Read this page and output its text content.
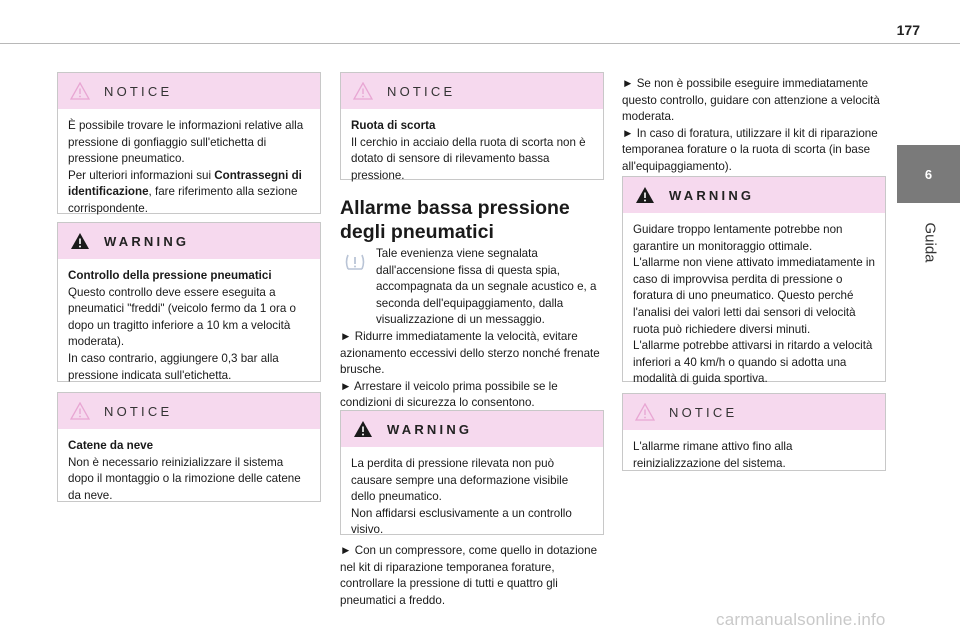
177
6
Guida
NOTICE

È possibile trovare le informazioni relative alla pressione di gonfiaggio sull'etichetta di pressione pneumatico.

Per ulteriori informazioni sui Contrassegni di identificazione, fare riferimento alla sezione corrispondente.

WARNING

Controllo della pressione pneumatici

Questo controllo deve essere eseguita a pneumatici "freddi" (veicolo fermo da 1 ora o dopo un tragitto inferiore a 10 km a velocità moderata).

In caso contrario, aggiungere 0,3 bar alla pressione indicata sull'etichetta.

NOTICE

Catene da neve

Non è necessario reinizializzare il sistema dopo il montaggio o la rimozione delle catene da neve.

NOTICE

Ruota di scorta

Il cerchio in acciaio della ruota di scorta non è dotato di sensore di rilevamento bassa pressione.

Allarme bassa pressione degli pneumatici

Tale evenienza viene segnalata dall'accensione fissa di questa spia, accompagnata da un segnale acustico e, a seconda dell'equipaggiamento, dalla visualizzazione di un messaggio.

► Ridurre immediatamente la velocità, evitare azionamento eccessivi dello sterzo nonché frenate brusche.

► Arrestare il veicolo prima possibile se le condizioni di sicurezza lo consentono.

WARNING

La perdita di pressione rilevata non può causare sempre una deformazione visibile dello pneumatico.

Non affidarsi esclusivamente a un controllo visivo.

► Con un compressore, come quello in dotazione nel kit di riparazione temporanea forature, controllare la pressione di tutti e quattro gli pneumatici a freddo.

► Se non è possibile eseguire immediatamente questo controllo, guidare con attenzione a velocità moderata.

► In caso di foratura, utilizzare il kit di riparazione temporanea forature o la ruota di scorta (in base all'equipaggiamento).

WARNING

Guidare troppo lentamente potrebbe non garantire un monitoraggio ottimale.

L'allarme non viene attivato immediatamente in caso di improvvisa perdita di pressione o foratura di uno pneumatico. Questo perché l'analisi dei valori letti dai sensori di velocità ruota può richiedere diversi minuti.

L'allarme potrebbe attivarsi in ritardo a velocità inferiori a 40 km/h o quando si adotta una modalità di guida sportiva.

NOTICE

L'allarme rimane attivo fino alla reinizializzazione del sistema.

carmanualsonline.info
